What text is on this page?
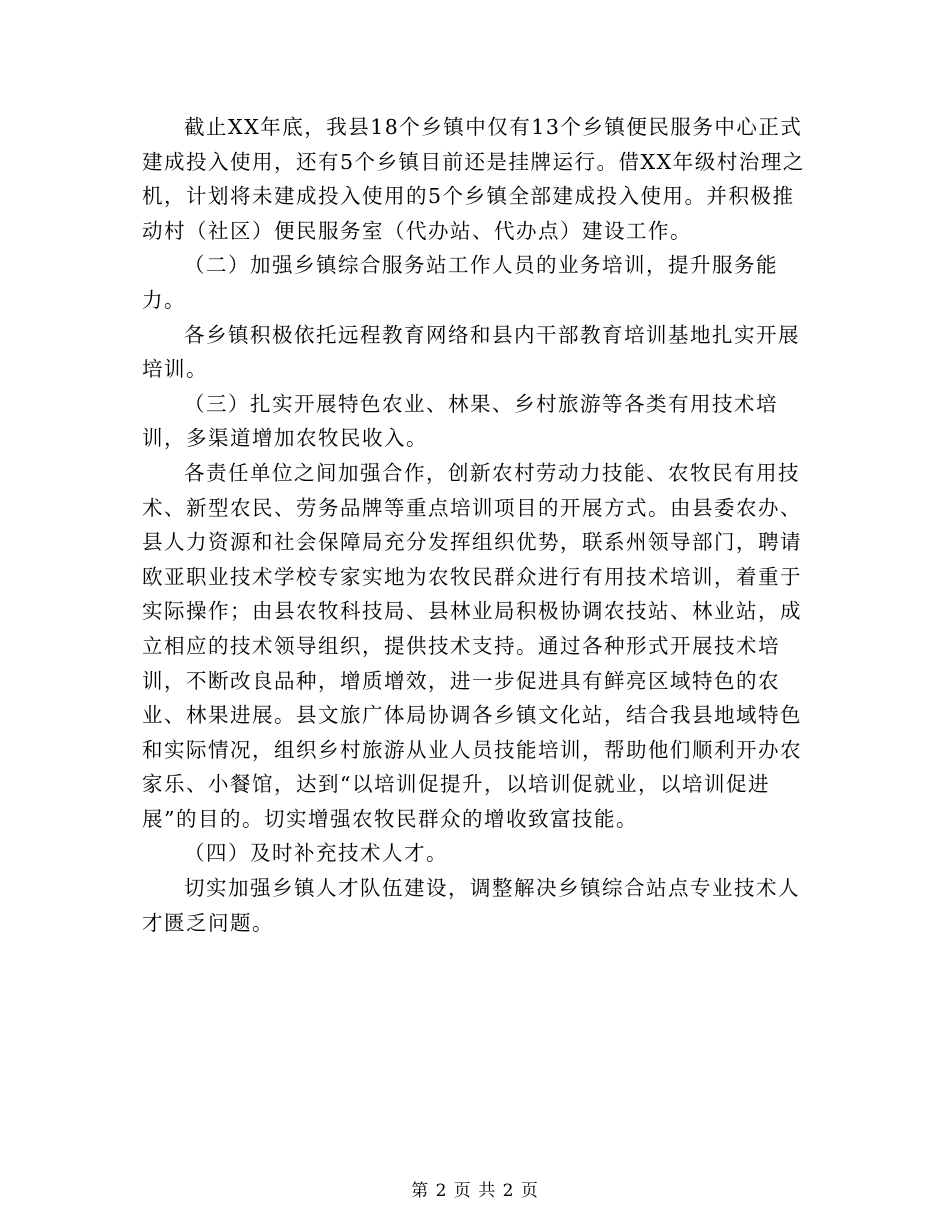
截止XX年底，我县18个乡镇中仅有13个乡镇便民服务中心正式建成投入使用，还有5个乡镇目前还是挂牌运行。借XX年级村治理之机，计划将未建成投入使用的5个乡镇全部建成投入使用。并积极推动村（社区）便民服务室（代办站、代办点）建设工作。

（二）加强乡镇综合服务站工作人员的业务培训，提升服务能力。

各乡镇积极依托远程教育网络和县内干部教育培训基地扎实开展培训。

（三）扎实开展特色农业、林果、乡村旅游等各类有用技术培训，多渠道增加农牧民收入。

各责任单位之间加强合作，创新农村劳动力技能、农牧民有用技术、新型农民、劳务品牌等重点培训项目的开展方式。由县委农办、县人力资源和社会保障局充分发挥组织优势，联系州领导部门，聘请欧亚职业技术学校专家实地为农牧民群众进行有用技术培训，着重于实际操作；由县农牧科技局、县林业局积极协调农技站、林业站，成立相应的技术领导组织，提供技术支持。通过各种形式开展技术培训，不断改良品种，增质增效，进一步促进具有鲜亮区域特色的农业、林果进展。县文旅广体局协调各乡镇文化站，结合我县地域特色和实际情况，组织乡村旅游从业人员技能培训，帮助他们顺利开办农家乐、小餐馆，达到“以培训促提升，以培训促就业，以培训促进展”的目的。切实增强农牧民群众的增收致富技能。

（四）及时补充技术人才。

切实加强乡镇人才队伍建设，调整解决乡镇综合站点专业技术人才匮乏问题。

第 2 页 共 2 页
